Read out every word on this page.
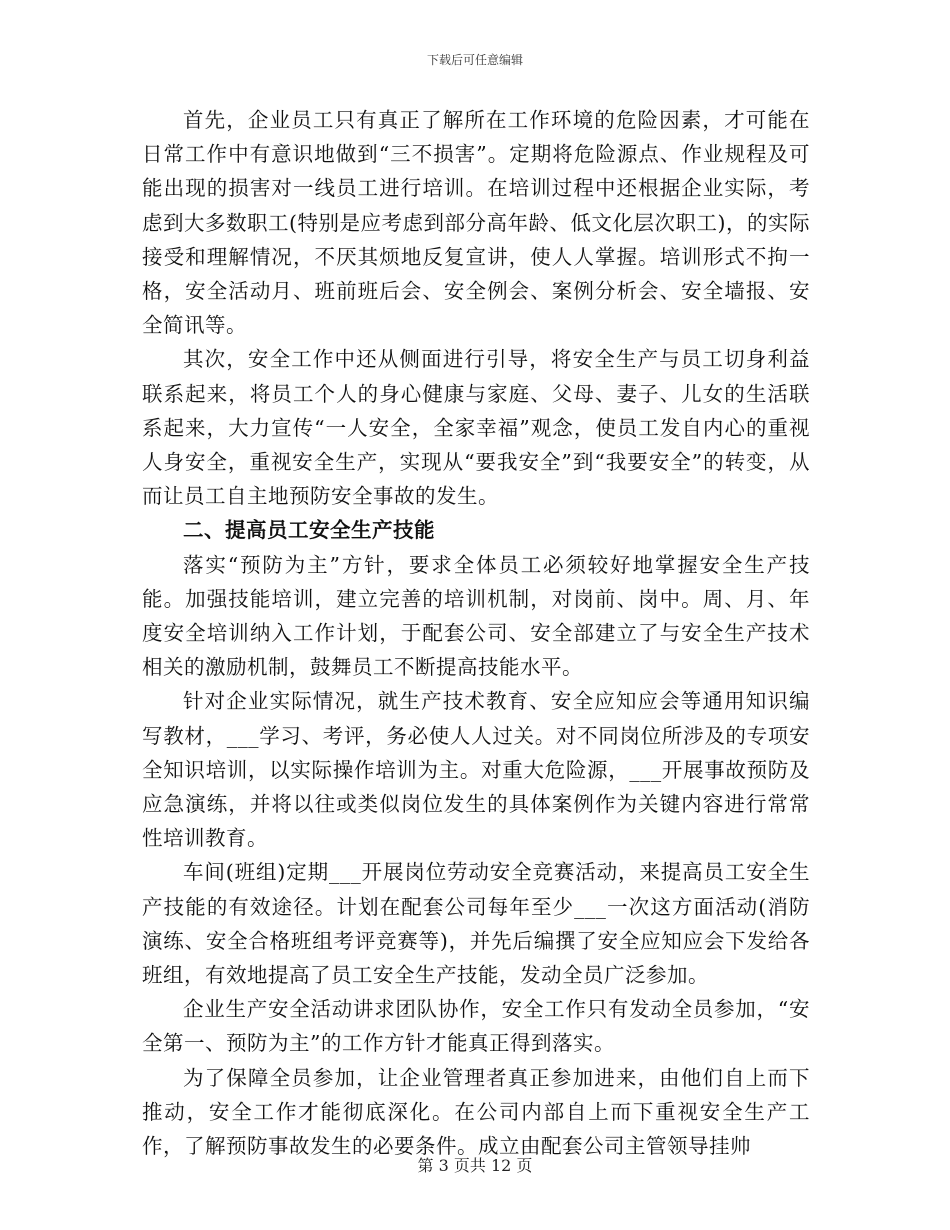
下载后可任意编辑

首先，企业员工只有真正了解所在工作环境的危险因素，才可能在日常工作中有意识地做到“三不损害”。定期将危险源点、作业规程及可能出现的损害对一线员工进行培训。在培训过程中还根据企业实际，考虑到大多数职工(特别是应考虑到部分高年龄、低文化层次职工)，的实际接受和理解情况，不厌其烦地反复宣讲，使人人掌握。培训形式不拘一格，安全活动月、班前班后会、安全例会、案例分析会、安全墙报、安全简讯等。

其次，安全工作中还从侧面进行引导，将安全生产与员工切身利益联系起来，将员工个人的身心健康与家庭、父母、妻子、儿女的生活联系起来，大力宣传“一人安全，全家幸福”观念，使员工发自内心的重视人身安全，重视安全生产，实现从“要我安全”到“我要安全”的转变，从而让员工自主地预防安全事故的发生。

二、提高员工安全生产技能

落实“预防为主”方针，要求全体员工必须较好地掌握安全生产技能。加强技能培训，建立完善的培训机制，对岗前、岗中。周、月、年度安全培训纳入工作计划，于配套公司、安全部建立了与安全生产技术相关的激励机制，鼓舞员工不断提高技能水平。

针对企业实际情况，就生产技术教育、安全应知应会等通用知识编写教材，___学习、考评，务必使人人过关。对不同岗位所涉及的专项安全知识培训，以实际操作培训为主。对重大危险源，___开展事故预防及应急演练，并将以往或类似岗位发生的具体案例作为关键内容进行常常性培训教育。

车间(班组)定期___开展岗位劳动安全竞赛活动，来提高员工安全生产技能的有效途径。计划在配套公司每年至少___一次这方面活动(消防演练、安全合格班组考评竞赛等)，并先后编撰了安全应知应会下发给各班组，有效地提高了员工安全生产技能，发动全员广泛参加。

企业生产安全活动讲求团队协作，安全工作只有发动全员参加，“安全第一、预防为主”的工作方针才能真正得到落实。

为了保障全员参加，让企业管理者真正参加进来，由他们自上而下推动，安全工作才能彻底深化。在公司内部自上而下重视安全生产工作，了解预防事故发生的必要条件。成立由配套公司主管领导挂帅

第 3 页共 12 页
